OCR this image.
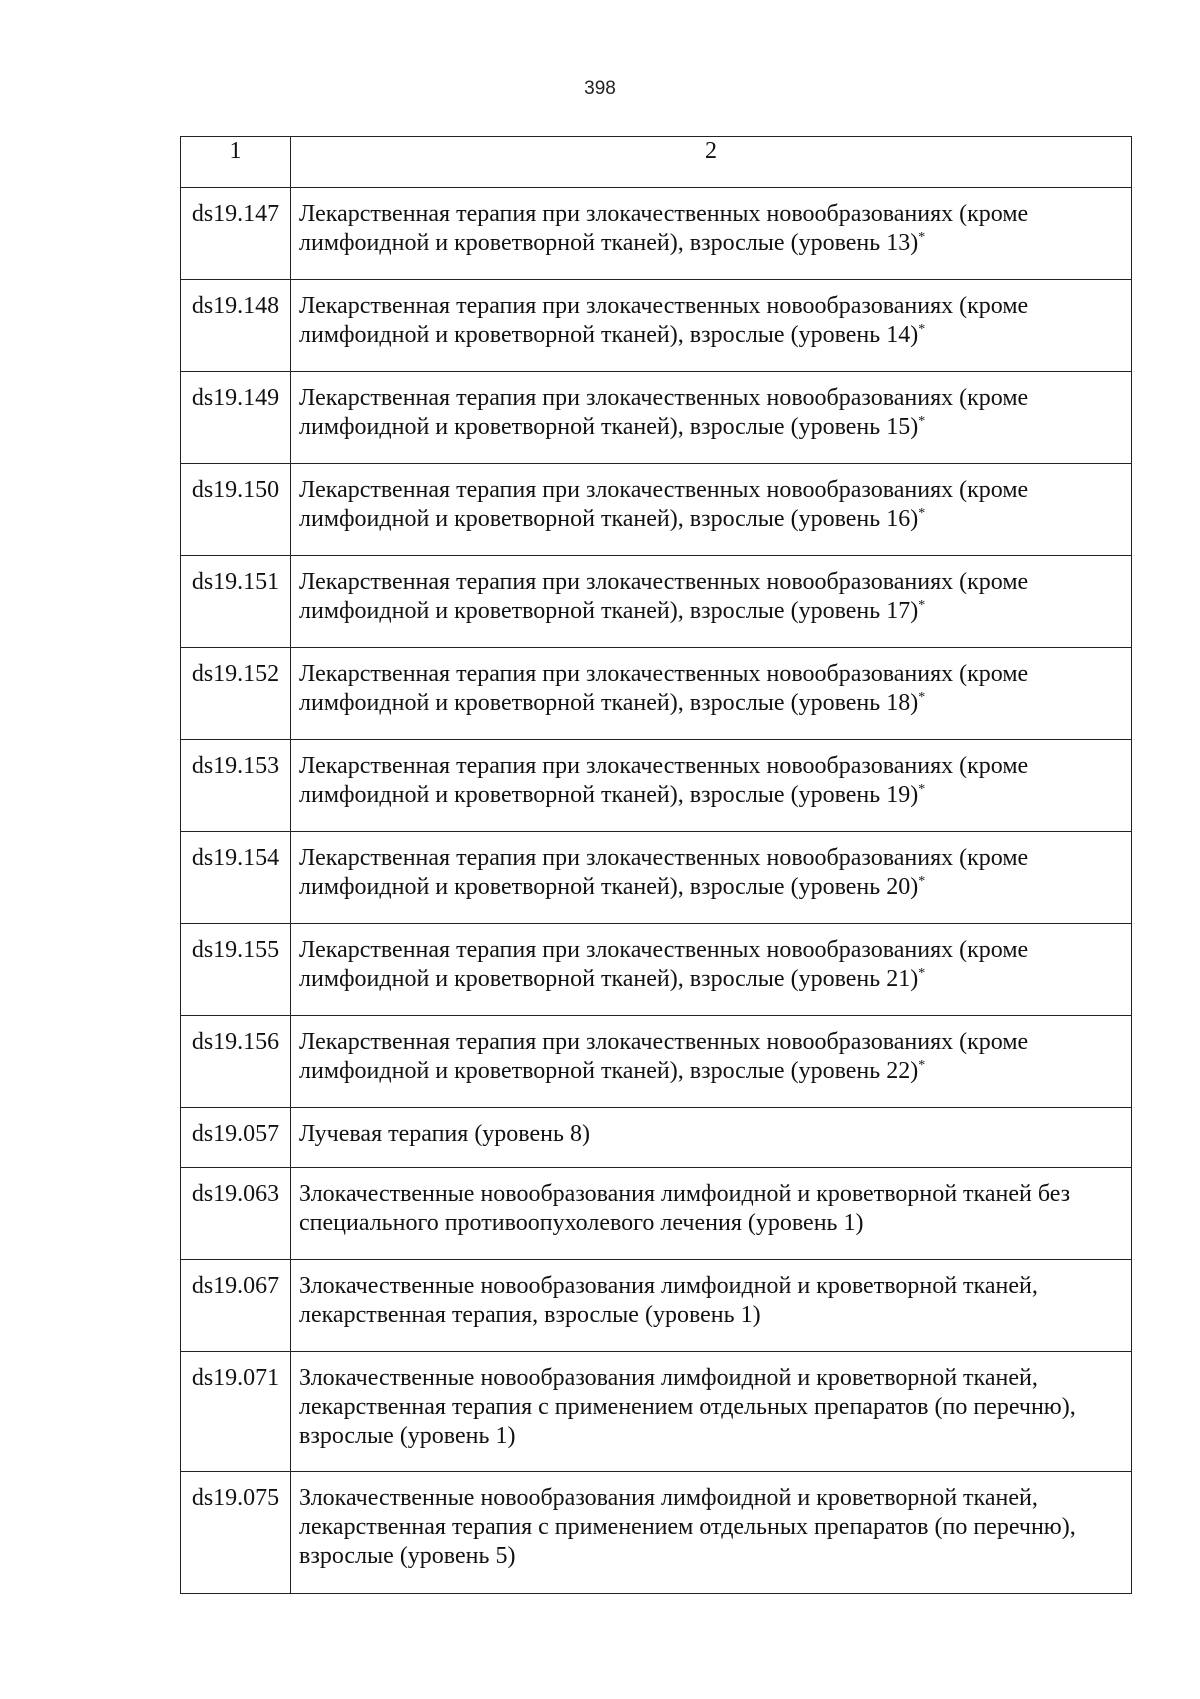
398
1	2
ds19.147	Лекарственная терапия при злокачественных новообразованиях (кроме лимфоидной и кроветворной тканей), взрослые (уровень 13)*
ds19.148	Лекарственная терапия при злокачественных новообразованиях (кроме лимфоидной и кроветворной тканей), взрослые (уровень 14)*
ds19.149	Лекарственная терапия при злокачественных новообразованиях (кроме лимфоидной и кроветворной тканей), взрослые (уровень 15)*
ds19.150	Лекарственная терапия при злокачественных новообразованиях (кроме лимфоидной и кроветворной тканей), взрослые (уровень 16)*
ds19.151	Лекарственная терапия при злокачественных новообразованиях (кроме лимфоидной и кроветворной тканей), взрослые (уровень 17)*
ds19.152	Лекарственная терапия при злокачественных новообразованиях (кроме лимфоидной и кроветворной тканей), взрослые (уровень 18)*
ds19.153	Лекарственная терапия при злокачественных новообразованиях (кроме лимфоидной и кроветворной тканей), взрослые (уровень 19)*
ds19.154	Лекарственная терапия при злокачественных новообразованиях (кроме лимфоидной и кроветворной тканей), взрослые (уровень 20)*
ds19.155	Лекарственная терапия при злокачественных новообразованиях (кроме лимфоидной и кроветворной тканей), взрослые (уровень 21)*
ds19.156	Лекарственная терапия при злокачественных новообразованиях (кроме лимфоидной и кроветворной тканей), взрослые (уровень 22)*
ds19.057	Лучевая терапия (уровень 8)
ds19.063	Злокачественные новообразования лимфоидной и кроветворной тканей без специального противоопухолевого лечения (уровень 1)
ds19.067	Злокачественные новообразования лимфоидной и кроветворной тканей, лекарственная терапия, взрослые (уровень 1)
ds19.071	Злокачественные новообразования лимфоидной и кроветворной тканей, лекарственная терапия с применением отдельных препаратов (по перечню), взрослые (уровень 1)
ds19.075	Злокачественные новообразования лимфоидной и кроветворной тканей, лекарственная терапия с применением отдельных препаратов (по перечню), взрослые (уровень 5)
